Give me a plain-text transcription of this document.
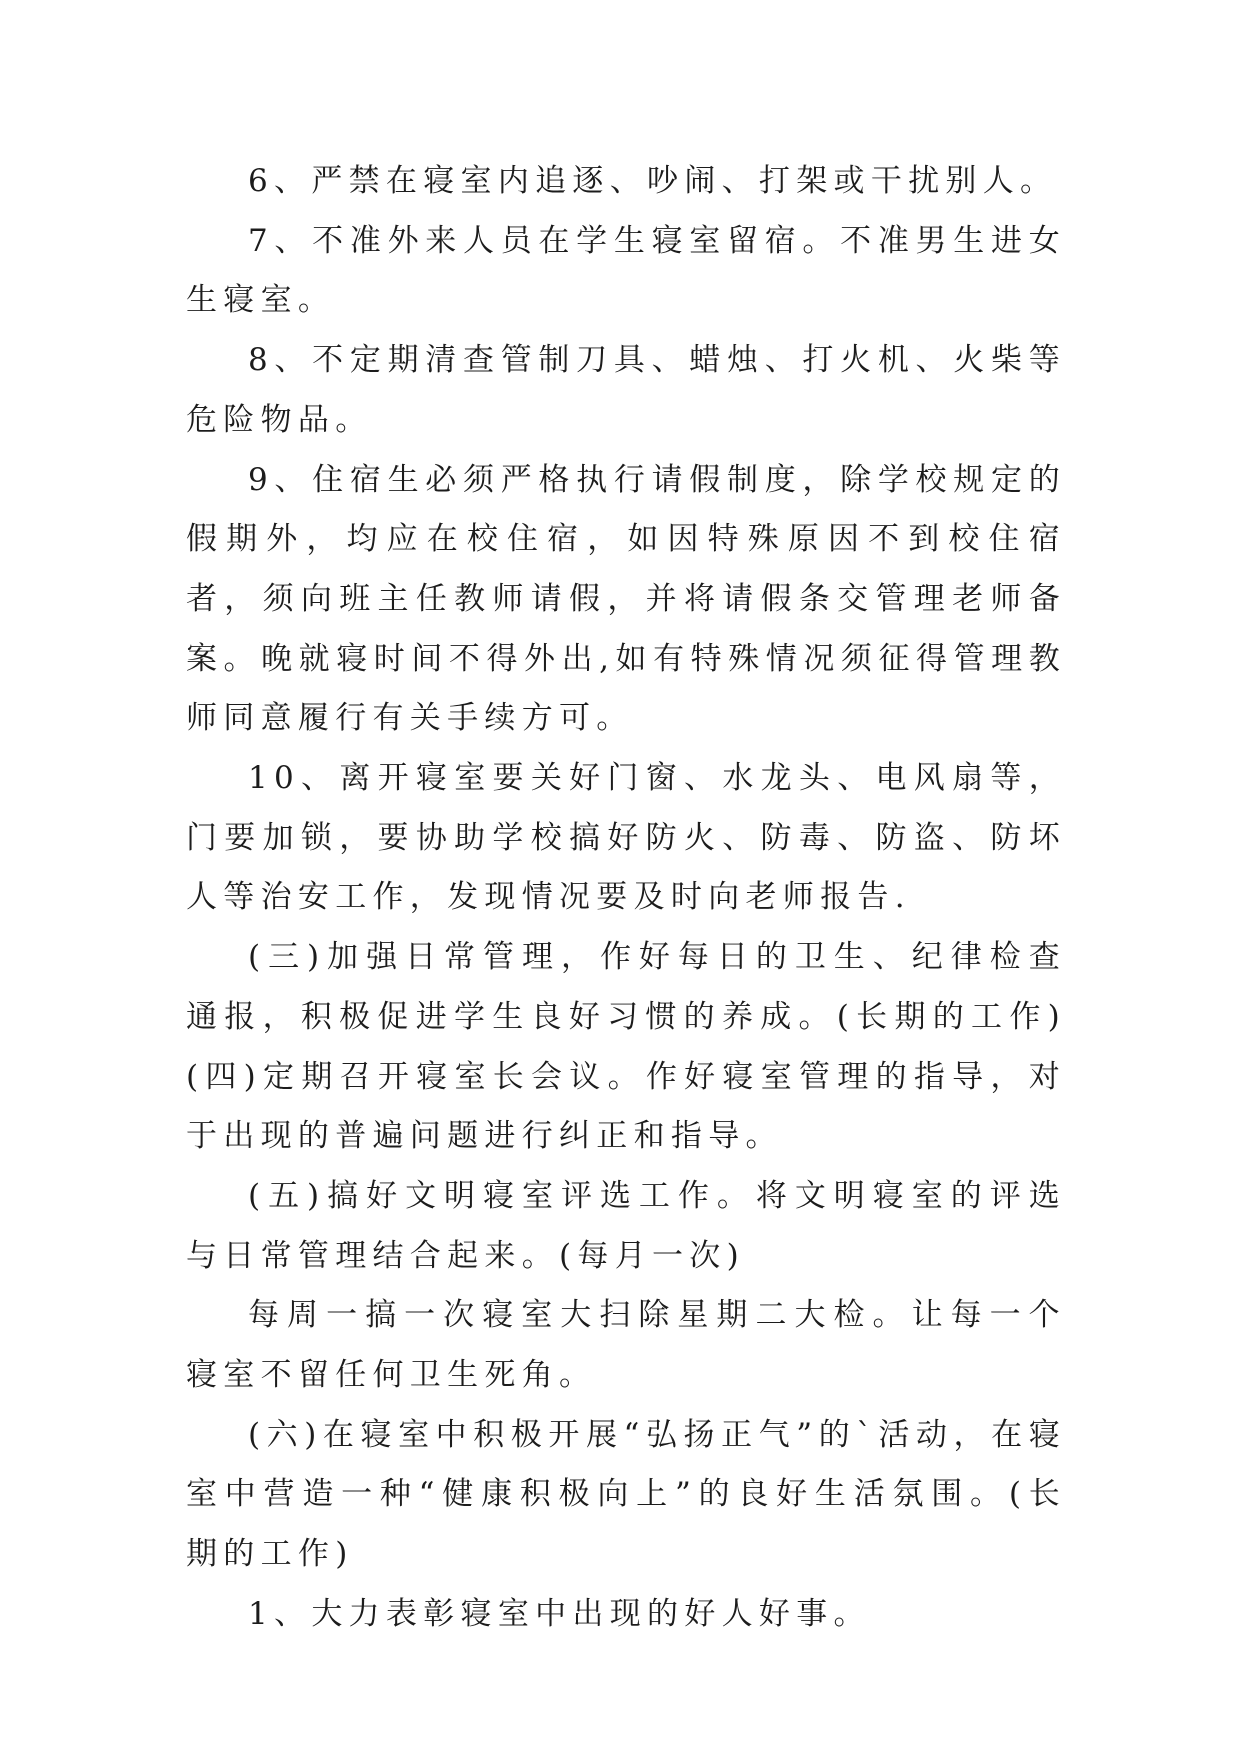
6、严禁在寝室内追逐、吵闹、打架或干扰别人。

7、不准外来人员在学生寝室留宿。不准男生进女生寝室。

8、不定期清查管制刀具、蜡烛、打火机、火柴等危险物品。

9、住宿生必须严格执行请假制度，除学校规定的假期外，均应在校住宿，如因特殊原因不到校住宿者，须向班主任教师请假，并将请假条交管理老师备案。晚就寝时间不得外出,如有特殊情况须征得管理教师同意履行有关手续方可。

10、离开寝室要关好门窗、水龙头、电风扇等，门要加锁，要协助学校搞好防火、防毒、防盗、防坏人等治安工作，发现情况要及时向老师报告.

(三)加强日常管理，作好每日的卫生、纪律检查通报，积极促进学生良好习惯的养成。(长期的工作) (四)定期召开寝室长会议。作好寝室管理的指导，对于出现的普遍问题进行纠正和指导。

(五)搞好文明寝室评选工作。将文明寝室的评选与日常管理结合起来。(每月一次)

每周一搞一次寝室大扫除星期二大检。让每一个寝室不留任何卫生死角。

(六)在寝室中积极开展“弘扬正气”的`活动，在寝室中营造一种“健康积极向上”的良好生活氛围。(长期的工作)

1、大力表彰寝室中出现的好人好事。
